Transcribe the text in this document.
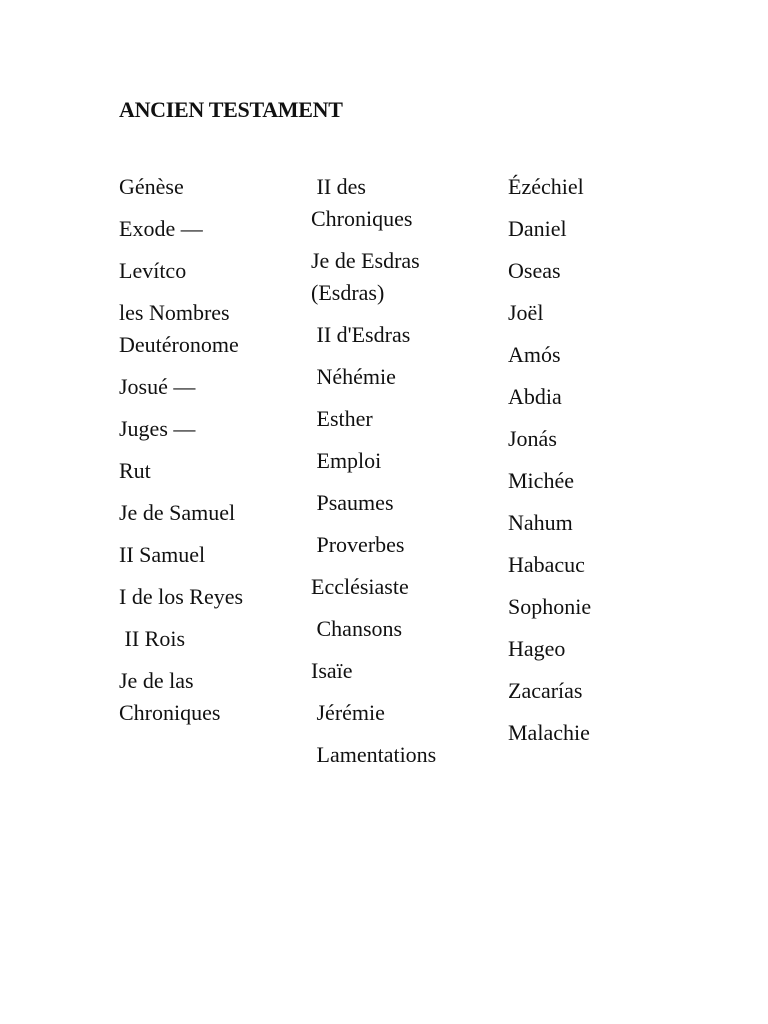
ANCIEN TESTAMENT
Génèse
Exode —
Levítco
les Nombres
Deutéronome
Josué —
Juges —
Rut
Je de Samuel
II Samuel
I de los Reyes
II Rois
Je de las
Chroniques
II des
Chroniques
Je de Esdras
(Esdras)
II d'Esdras
Néhémie
Esther
Emploi
Psaumes
Proverbes
Ecclésiaste
Chansons
Isaïe
Jérémie
Lamentations
Ézéchiel
Daniel
Oseas
Joël
Amós
Abdia
Jonás
Michée
Nahum
Habacuc
Sophonie
Hageo
Zacarías
Malachie
